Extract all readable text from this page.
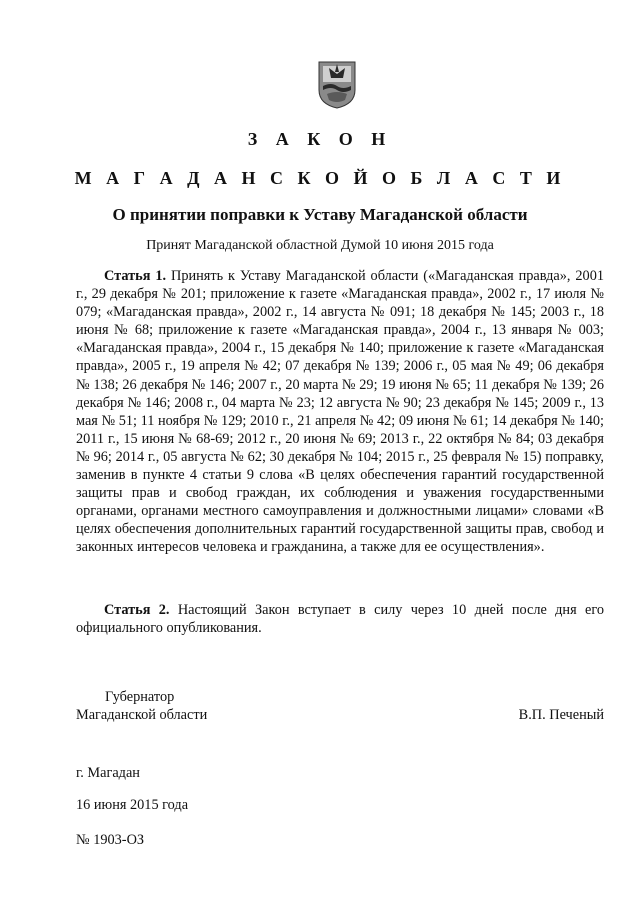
З А К О Н
М А Г А Д А Н С К О Й О Б Л А С Т И
О принятии поправки к Уставу Магаданской области
Принят Магаданской областной Думой 10 июня 2015 года
Статья 1. Принять к Уставу Магаданской области («Магаданская правда», 2001 г., 29 декабря № 201; приложение к газете «Магаданская правда», 2002 г., 17 июля № 079; «Магаданская правда», 2002 г., 14 августа № 091; 18 декабря № 145; 2003 г., 18 июня № 68; приложение к газете «Магаданская правда», 2004 г., 13 января № 003; «Магаданская правда», 2004 г., 15 декабря № 140; приложение к газете «Магаданская правда», 2005 г., 19 апреля № 42; 07 декабря № 139; 2006 г., 05 мая № 49; 06 декабря № 138; 26 декабря № 146; 2007 г., 20 марта № 29; 19 июня № 65; 11 декабря № 139; 26 декабря № 146; 2008 г., 04 марта № 23; 12 августа № 90; 23 декабря № 145; 2009 г., 13 мая № 51; 11 ноября № 129; 2010 г., 21 апреля № 42; 09 июня № 61; 14 декабря № 140; 2011 г., 15 июня № 68-69; 2012 г., 20 июня № 69; 2013 г., 22 октября № 84; 03 декабря № 96; 2014 г., 05 августа № 62; 30 декабря № 104; 2015 г., 25 февраля № 15) поправку, заменив в пункте 4 статьи 9 слова «В целях обеспечения гарантий государственной защиты прав и свобод граждан, их соблюдения и уважения государственными органами, органами местного самоуправления и должностными лицами» словами «В целях обеспечения дополнительных гарантий государственной защиты прав, свобод и законных интересов человека и гражданина, а также для ее осуществления».
Статья 2. Настоящий Закон вступает в силу через 10 дней после дня его официального опубликования.
Губернатор
Магаданской области	В.П. Печеный
г. Магадан
16 июня 2015 года
№ 1903-ОЗ
